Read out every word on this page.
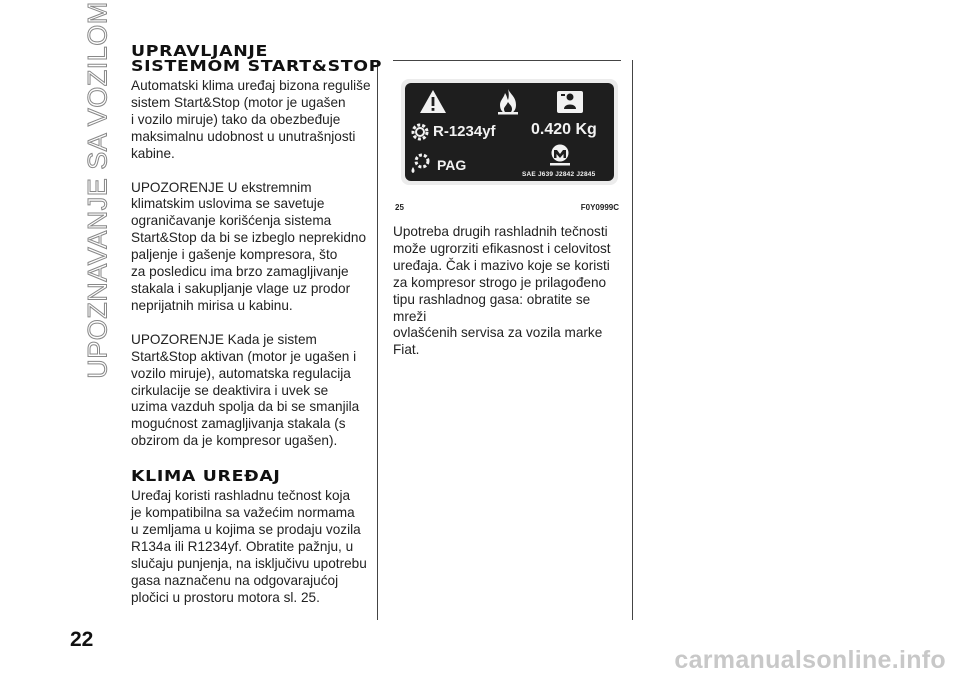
UPOZNAVANJE SA VOZILOM UPRAVLJANJE
SISTEMOM START&STOP

Automatski klima uređaj bizona reguliše
sistem Start&Stop (motor je ugašen
i vozilo miruje) tako da obezbeđuje
maksimalnu udobnost u unutrašnjosti
kabine.

UPOZORENJE U ekstremnim
klimatskim uslovima se savetuje
ograničavanje korišćenja sistema
Start&Stop da bi se izbeglo neprekidno
paljenje i gašenje kompresora, što
za posledicu ima brzo zamagljivanje
stakala i sakupljanje vlage uz prodor
neprijatnih mirisa u kabinu.

UPOZORENJE Kada je sistem
Start&Stop aktivan (motor je ugašen i
vozilo miruje), automatska regulacija
cirkulacije se deaktivira i uvek se
uzima vazduh spolja da bi se smanjila
mogućnost zamagljivanja stakala (s
obzirom da je kompresor ugašen).

KLIMA UREĐAJ

Uređaj koristi rashladnu tečnost koja
je kompatibilna sa važećim normama
u zemljama u kojima se prodaju vozila
R134a ili R1234yf. Obratite pažnju, u
slučaju punjenja, na isključivu upotrebu
gasa naznačenu na odgovarajućoj
pločici u prostoru motora sl. 25.

R-1234yf 0.420 Kg
PAG
SAE J639 J2842 J2845
25	F0Y0999C

Upotreba drugih rashladnih tečnosti
može ugrorziti efikasnost i celovitost
uređaja. Čak i mazivo koje se koristi
za kompresor strogo je prilagođeno
tipu rashladnog gasa: obratite se mreži
ovlašćenih servisa za vozila marke Fiat.

22
carmanualsonline.info
